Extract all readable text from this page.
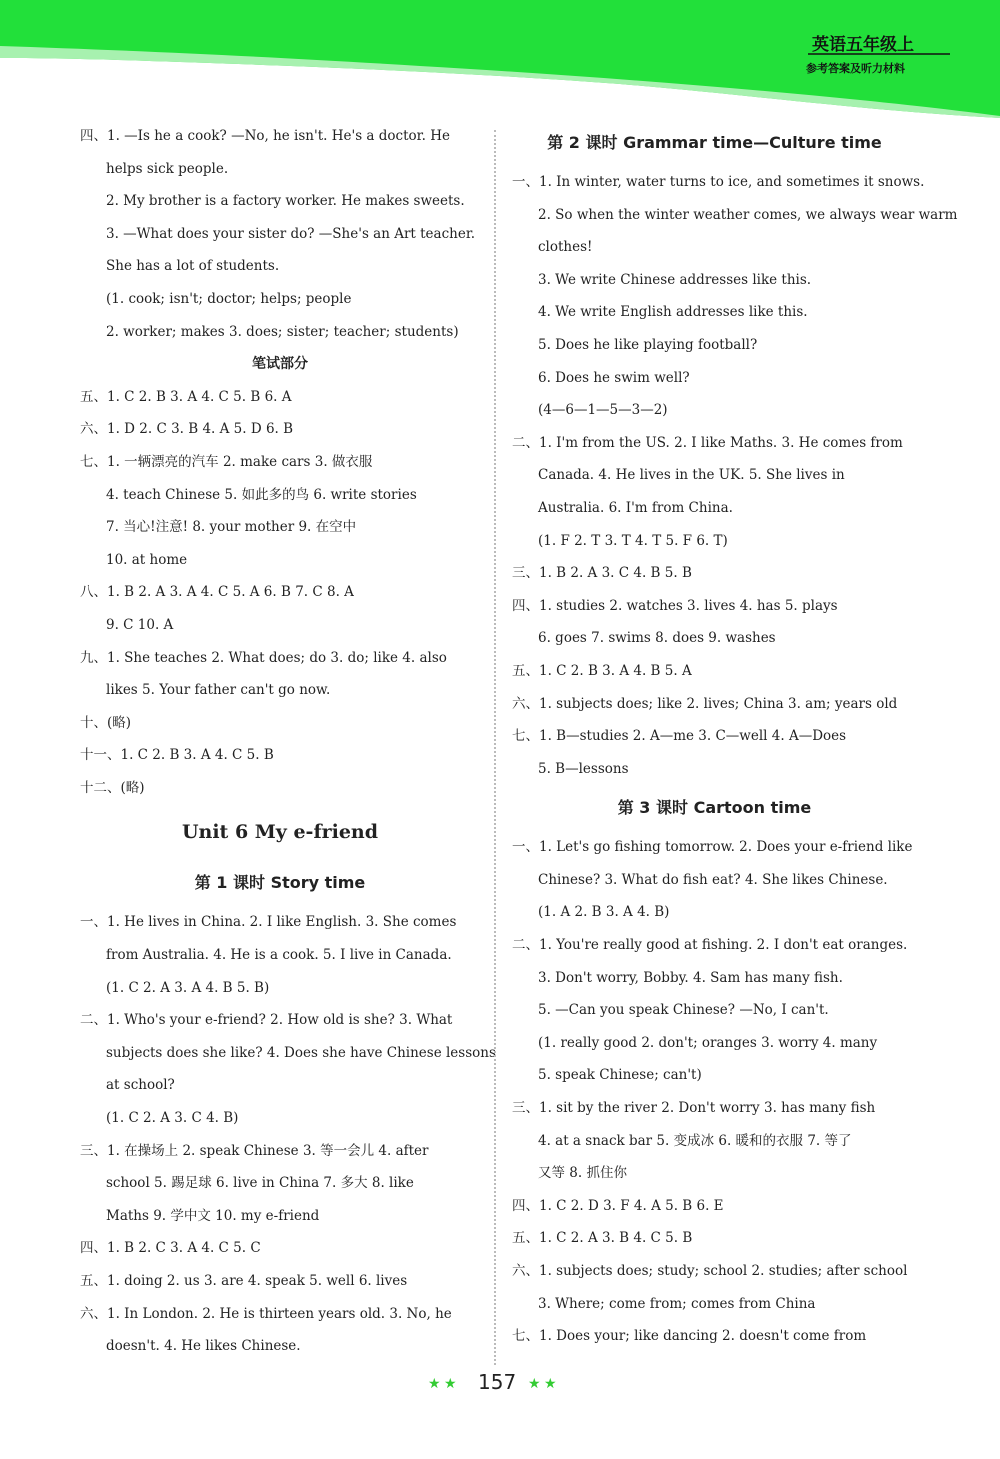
英语五年级上
参考答案及听力材料
四、1. —Is he a cook? —No, he isn't. He's a doctor. He
helps sick people.
2. My brother is a factory worker. He makes sweets.
3. —What does your sister do? —She's an Art teacher.
She has a lot of students.
(1. cook; isn't; doctor; helps; people
2. worker; makes 3. does; sister; teacher; students)
笔试部分
五、1. C 2. B 3. A 4. C 5. B 6. A
六、1. D 2. C 3. B 4. A 5. D 6. B
七、1. 一辆漂亮的汽车 2. make cars 3. 做衣服
4. teach Chinese 5. 如此多的鸟 6. write stories
7. 当心!注意! 8. your mother 9. 在空中
10. at home
八、1. B 2. A 3. A 4. C 5. A 6. B 7. C 8. A
9. C 10. A
九、1. She teaches 2. What does; do 3. do; like 4. also
likes 5. Your father can't go now.
十、(略)
十一、1. C 2. B 3. A 4. C 5. B
十二、(略)
Unit 6 My e-friend
第 1 课时 Story time
一、1. He lives in China. 2. I like English. 3. She comes
from Australia. 4. He is a cook. 5. I live in Canada.
(1. C 2. A 3. A 4. B 5. B)
二、1. Who's your e-friend? 2. How old is she? 3. What
subjects does she like? 4. Does she have Chinese lessons
at school?
(1. C 2. A 3. C 4. B)
三、1. 在操场上 2. speak Chinese 3. 等一会儿 4. after
school 5. 踢足球 6. live in China 7. 多大 8. like
Maths 9. 学中文 10. my e-friend
四、1. B 2. C 3. A 4. C 5. C
五、1. doing 2. us 3. are 4. speak 5. well 6. lives
六、1. In London. 2. He is thirteen years old. 3. No, he
doesn't. 4. He likes Chinese.
第 2 课时 Grammar time—Culture time
一、1. In winter, water turns to ice, and sometimes it snows.
2. So when the winter weather comes, we always wear warm
clothes!
3. We write Chinese addresses like this.
4. We write English addresses like this.
5. Does he like playing football?
6. Does he swim well?
(4—6—1—5—3—2)
二、1. I'm from the US. 2. I like Maths. 3. He comes from
Canada. 4. He lives in the UK. 5. She lives in
Australia. 6. I'm from China.
(1. F 2. T 3. T 4. T 5. F 6. T)
三、1. B 2. A 3. C 4. B 5. B
四、1. studies 2. watches 3. lives 4. has 5. plays
6. goes 7. swims 8. does 9. washes
五、1. C 2. B 3. A 4. B 5. A
六、1. subjects does; like 2. lives; China 3. am; years old
七、1. B—studies 2. A—me 3. C—well 4. A—Does
5. B—lessons
第 3 课时 Cartoon time
一、1. Let's go fishing tomorrow. 2. Does your e-friend like
Chinese? 3. What do fish eat? 4. She likes Chinese.
(1. A 2. B 3. A 4. B)
二、1. You're really good at fishing. 2. I don't eat oranges.
3. Don't worry, Bobby. 4. Sam has many fish.
5. —Can you speak Chinese? —No, I can't.
(1. really good 2. don't; oranges 3. worry 4. many
5. speak Chinese; can't)
三、1. sit by the river 2. Don't worry 3. has many fish
4. at a snack bar 5. 变成冰 6. 暖和的衣服 7. 等了
又等 8. 抓住你
四、1. C 2. D 3. F 4. A 5. B 6. E
五、1. C 2. A 3. B 4. C 5. B
六、1. subjects does; study; school 2. studies; after school
3. Where; come from; comes from China
七、1. Does your; like dancing 2. doesn't come from
★ ★ 157 ★ ★
